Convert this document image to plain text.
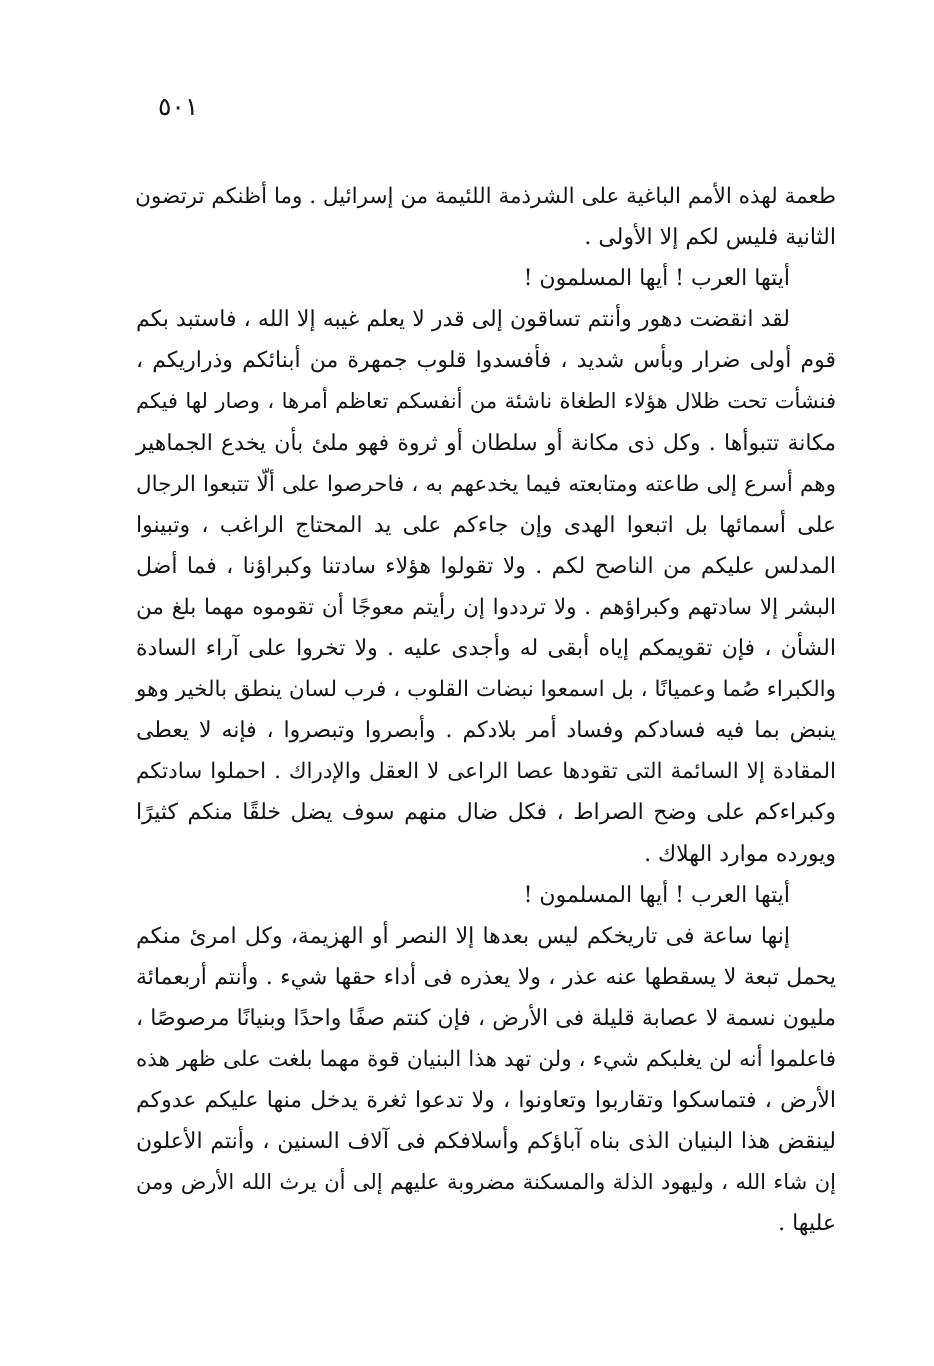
٥٠١
طعمة لهذه الأمم الباغية على الشرذمة اللئيمة من إسرائيل . وما أظنكم ترتضون
الثانية فليس لكم إلا الأولى .
أيتها العرب ! أيها المسلمون !
لقد انقضت دهور وأنتم تساقون إلى قدر لا يعلم غيبه إلا الله ، فاستبد بكم
قوم أولى ضرار وبأس شديد ، فأفسدوا قلوب جمهرة من أبنائكم وذراريكم ،
فنشأت تحت ظلال هؤلاء الطغاة ناشئة من أنفسكم تعاظم أمرها ، وصار لها فيكم
مكانة تتبوأها . وكل ذى مكانة أو سلطان أو ثروة فهو ملئ بأن يخدع الجماهير
وهم أسرع إلى طاعته ومتابعته فيما يخدعهم به ، فاحرصوا على ألّا تتبعوا الرجال
على أسمائها بل اتبعوا الهدى وإن جاءكم على يد المحتاج الراغب ، وتبينوا
المدلس عليكم من الناصح لكم . ولا تقولوا هؤلاء سادتنا وكبراؤنا ، فما أضل
البشر إلا سادتهم وكبراؤهم . ولا ترددوا إن رأيتم معوجًا أن تقوموه مهما بلغ من
الشأن ، فإن تقويمكم إياه أبقى له وأجدى عليه . ولا تخروا على آراء السادة
والكبراء صُما وعميانًا ، بل اسمعوا نبضات القلوب ، فرب لسان ينطق بالخير وهو
ينبض بما فيه فسادكم وفساد أمر بلادكم . وأبصروا وتبصروا ، فإنه لا يعطى
المقادة إلا السائمة التى تقودها عصا الراعى لا العقل والإدراك . احملوا سادتكم
وكبراءكم على وضح الصراط ، فكل ضال منهم سوف يضل خلقًا منكم كثيرًا
ويورده موارد الهلاك .
أيتها العرب ! أيها المسلمون !
إنها ساعة فى تاريخكم ليس بعدها إلا النصر أو الهزيمة، وكل امرئ منكم
يحمل تبعة لا يسقطها عنه عذر ، ولا يعذره فى أداء حقها شيء . وأنتم أربعمائة
مليون نسمة لا عصابة قليلة فى الأرض ، فإن كنتم صفًا واحدًا وبنيانًا مرصوصًا ،
فاعلموا أنه لن يغلبكم شيء ، ولن تهد هذا البنيان قوة مهما بلغت على ظهر هذه
الأرض ، فتماسكوا وتقاربوا وتعاونوا ، ولا تدعوا ثغرة يدخل منها عليكم عدوكم
لينقض هذا البنيان الذى بناه آباؤكم وأسلافكم فى آلاف السنين ، وأنتم الأعلون
إن شاء الله ، وليهود الذلة والمسكنة مضروبة عليهم إلى أن يرث الله الأرض ومن
عليها .
